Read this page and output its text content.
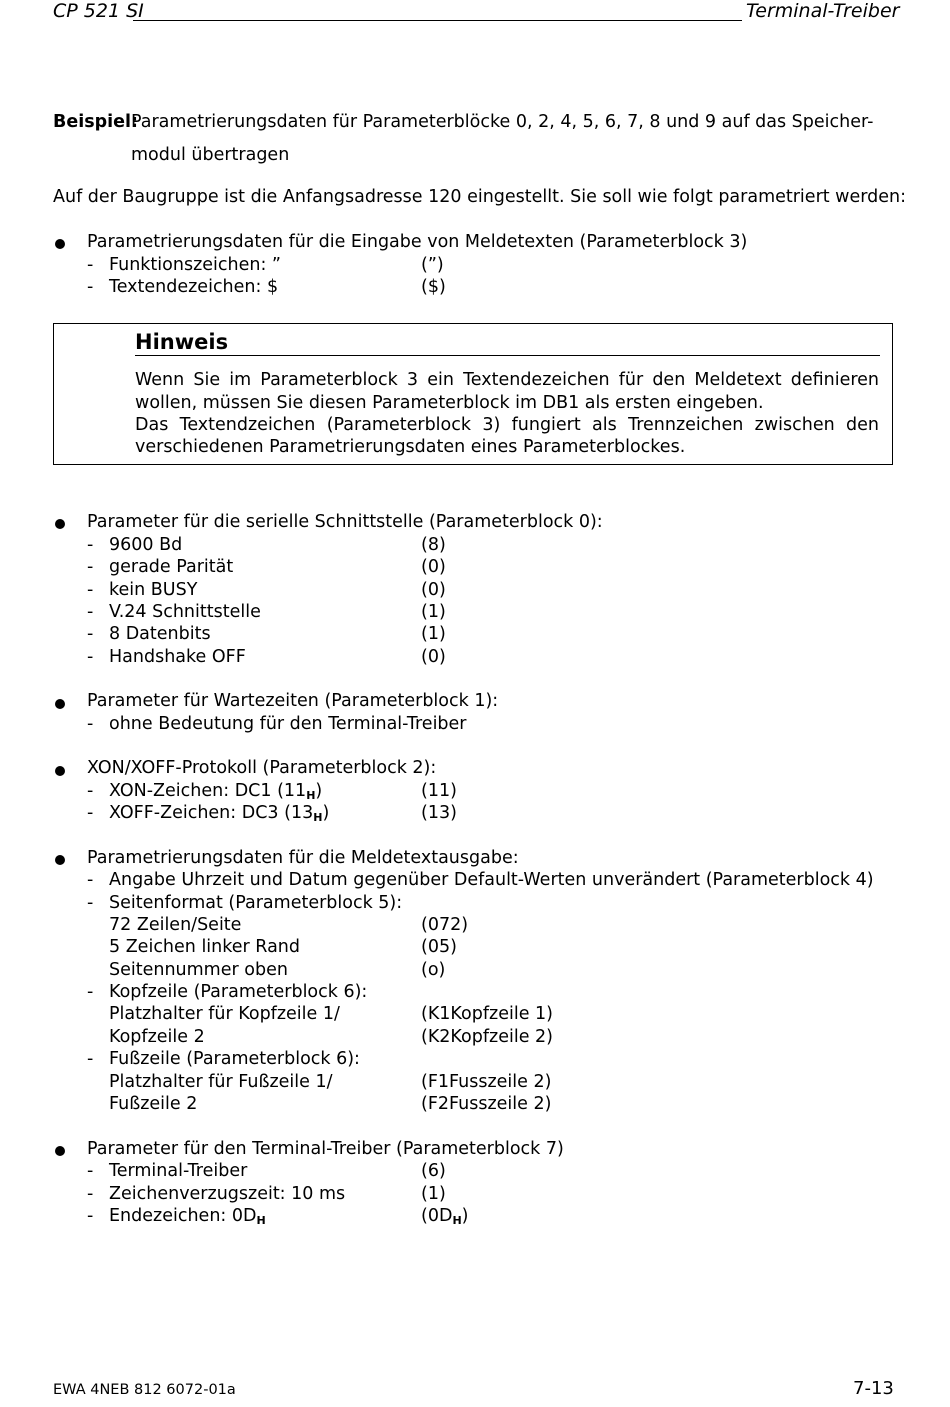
CP 521 SI	Terminal-Treiber
Beispiel:
Parametrierungsdaten für Parameterblöcke 0, 2, 4, 5, 6, 7, 8 und 9 auf das Speicher-
modul übertragen
Auf der Baugruppe ist die Anfangsadresse 120 eingestellt. Sie soll wie folgt parametriert werden:
Parametrierungsdaten für die Eingabe von Meldetexten (Parameterblock 3)
- Funktionszeichen: ”	(”)
- Textendezeichen: $	($)
Hinweis
Wenn Sie im Parameterblock 3 ein Textendezeichen für den Meldetext definieren
wollen, müssen Sie diesen Parameterblock im DB1 als ersten eingeben.
Das Textendzeichen (Parameterblock 3) fungiert als Trennzeichen zwischen den
verschiedenen Parametrierungsdaten eines Parameterblockes.
Parameter für die serielle Schnittstelle (Parameterblock 0):
- 9600 Bd	(8)
- gerade Parität	(0)
- kein BUSY	(0)
- V.24 Schnittstelle	(1)
- 8 Datenbits	(1)
- Handshake OFF	(0)
Parameter für Wartezeiten (Parameterblock 1):
- ohne Bedeutung für den Terminal-Treiber
XON/XOFF-Protokoll (Parameterblock 2):
- XON-Zeichen: DC1 $(11_H)$	(11)
- XOFF-Zeichen: DC3 $(13_H)$	(13)
Parametrierungsdaten für die Meldetextausgabe:
- Angabe Uhrzeit und Datum gegenüber Default-Werten unverändert (Parameterblock 4)
- Seitenformat (Parameterblock 5):
72 Zeilen/Seite	(072)
5 Zeichen linker Rand	(05)
Seitennummer oben	(o)
- Kopfzeile (Parameterblock 6):
Platzhalter für Kopfzeile 1/	(K1Kopfzeile 1)
Kopfzeile 2	(K2Kopfzeile 2)
- Fußzeile (Parameterblock 6):
Platzhalter für Fußzeile 1/	(F1Fusszeile 2)
Fußzeile 2	(F2Fusszeile 2)
Parameter für den Terminal-Treiber (Parameterblock 7)
- Terminal-Treiber	(6)
- Zeichenverzugszeit: 10 ms	(1)
- Endezeichen: $0D_H$	$(0D_H)$
EWA 4NEB 812 6072-01a	7-13
